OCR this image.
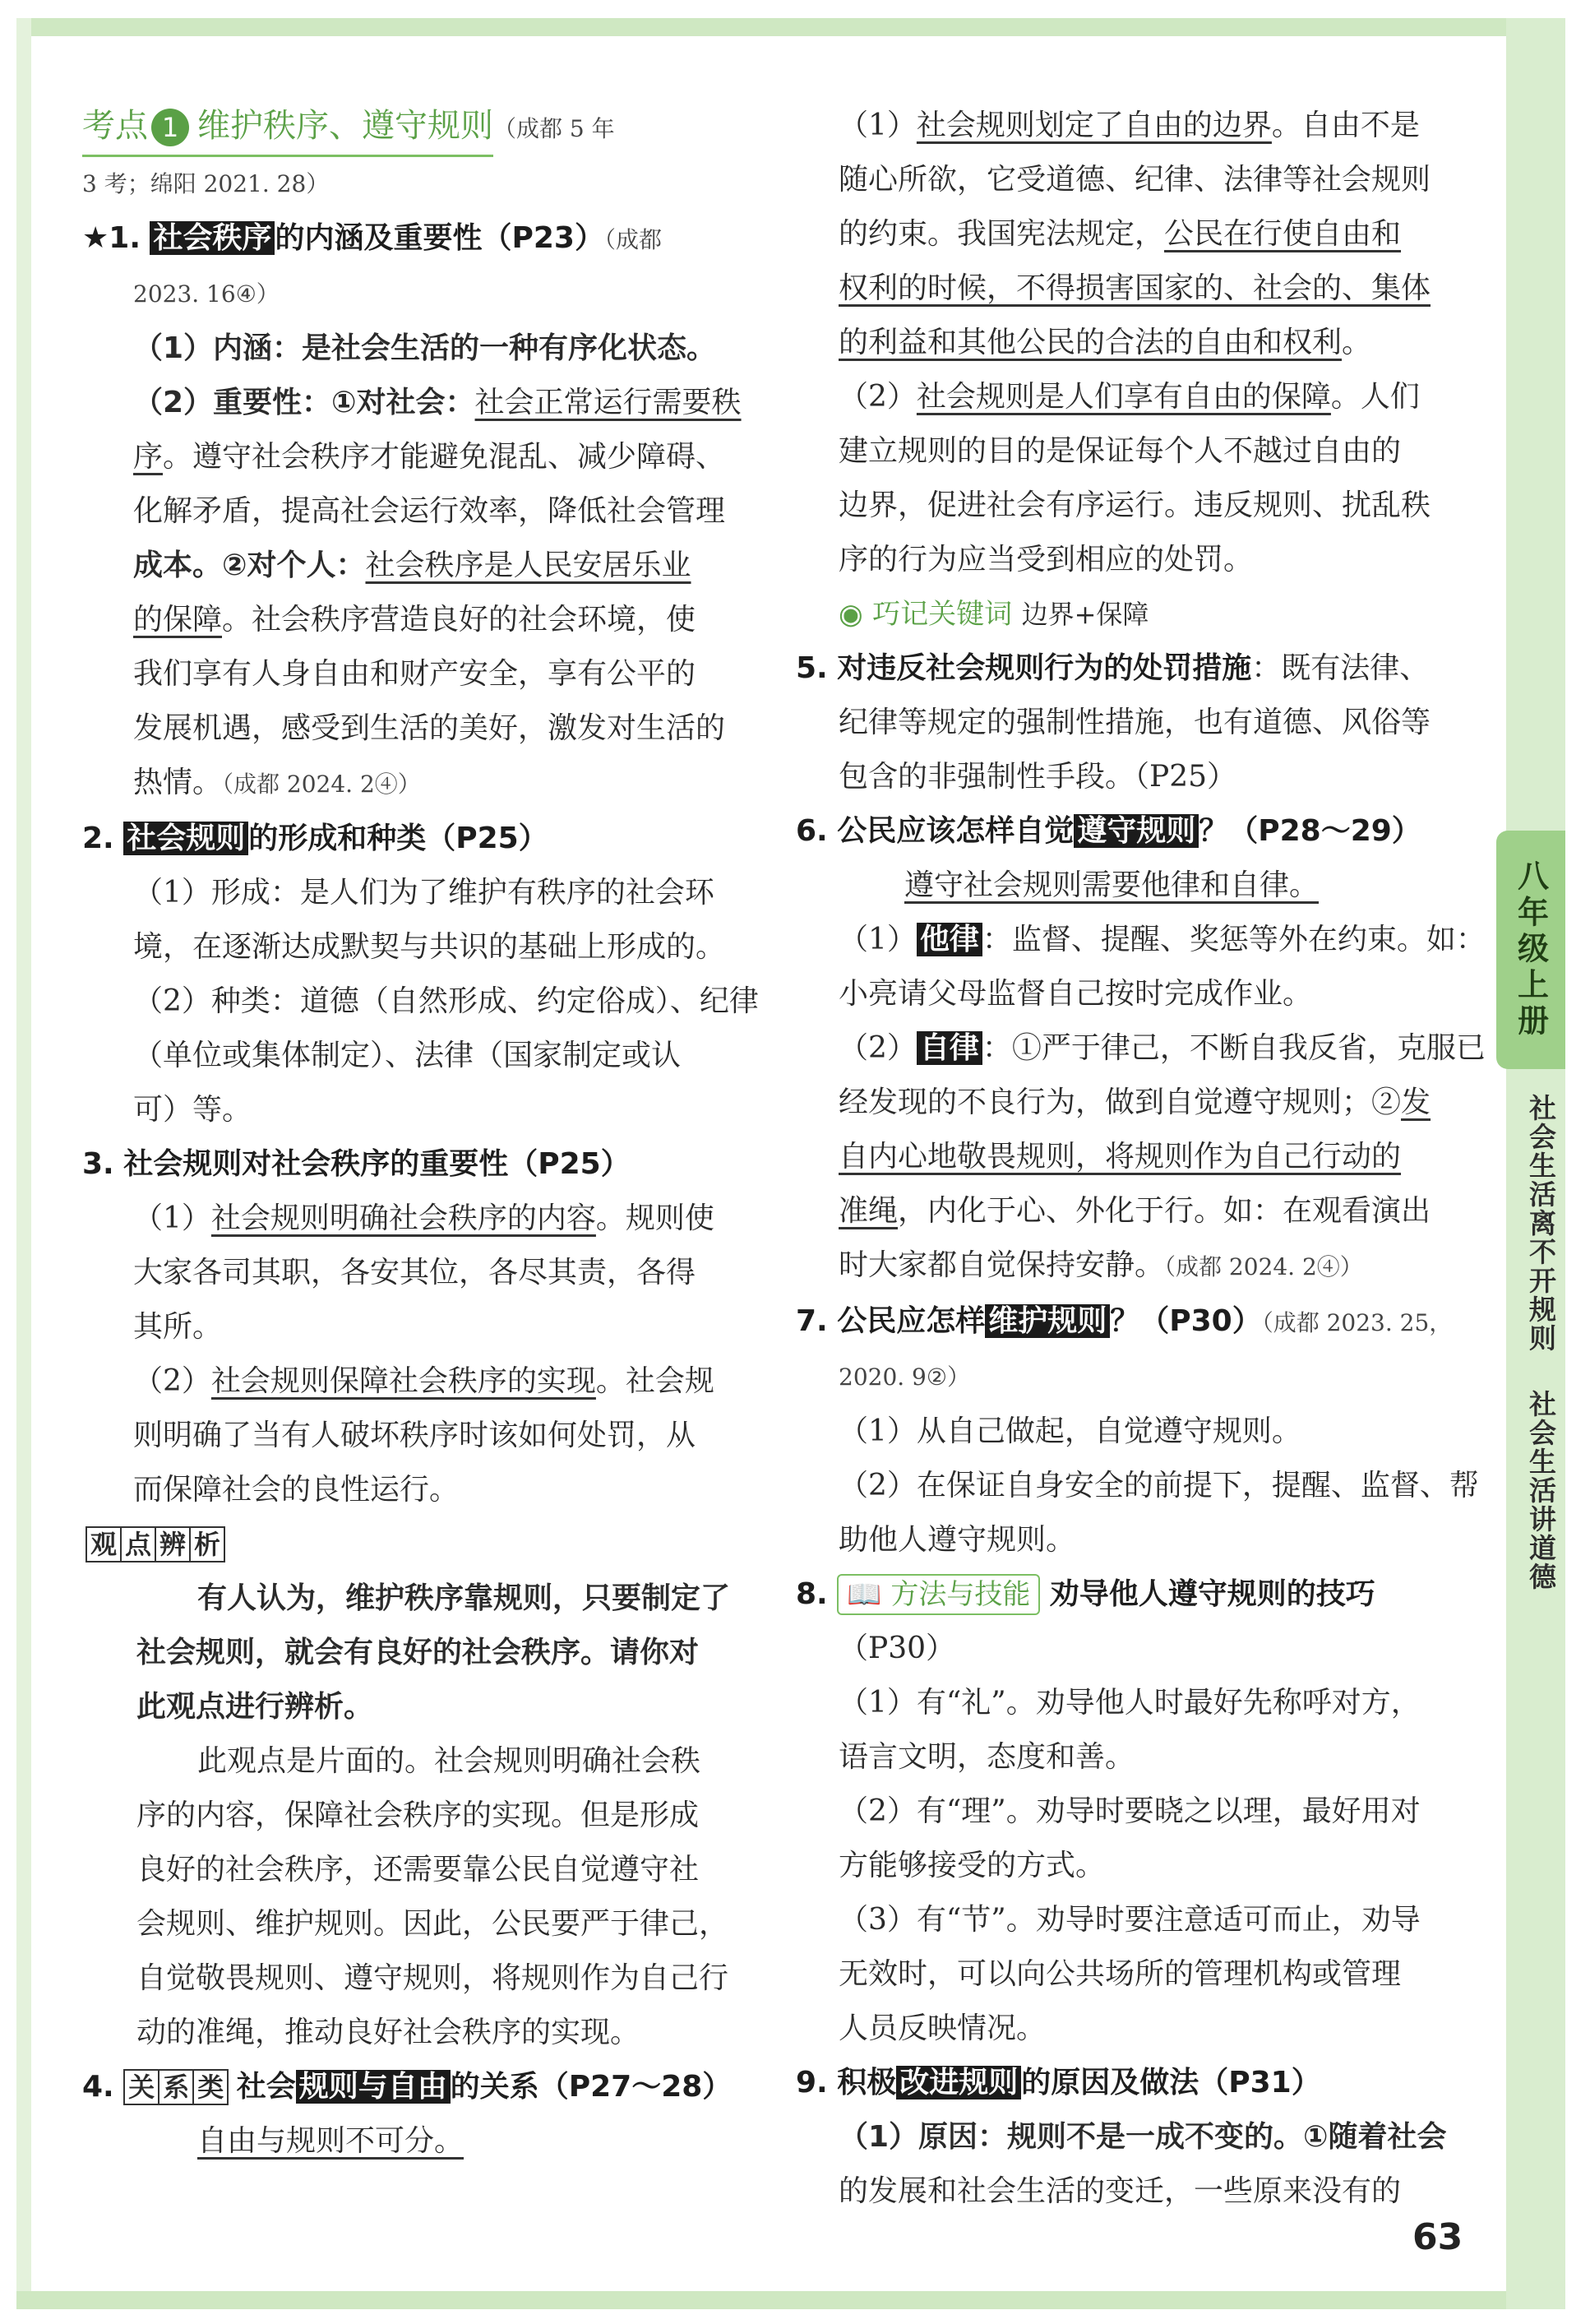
八年级上册
社会生活离不开规则
社会生活讲道德
63

考点 1 维护秩序、遵守规则（成都 5 年

3 考；绵阳 2021. 28）

★1. 社会秩序 的内涵及重要性（P23）（成都

2023. 16④）

（1）内涵：是社会生活的一种有序化状态。

（2）重要性：①对社会：社会正常运行需要秩

序。遵守社会秩序才能避免混乱、减少障碍、

化解矛盾，提高社会运行效率，降低社会管理

成本。②对个人：社会秩序是人民安居乐业

的保障。社会秩序营造良好的社会环境，使

我们享有人身自由和财产安全，享有公平的

发展机遇，感受到生活的美好，激发对生活的

热情。（成都 2024. 2④）

2. 社会规则 的形成和种类（P25）

（1）形成：是人们为了维护有秩序的社会环

境，在逐渐达成默契与共识的基础上形成的。

（2）种类：道德（自然形成、约定俗成）、纪律

（单位或集体制定）、法律（国家制定或认

可）等。

3. 社会规则对社会秩序的重要性（P25）

（1）社会规则明确社会秩序的内容。规则使

大家各司其职，各安其位，各尽其责，各得

其所。

（2）社会规则保障社会秩序的实现。社会规

则明确了当有人破坏秩序时该如何处罚，从

而保障社会的良性运行。

观 点 辨 析

有人认为，维护秩序靠规则，只要制定了

社会规则，就会有良好的社会秩序。请你对

此观点进行辨析。

此观点是片面的。社会规则明确社会秩

序的内容，保障社会秩序的实现。但是形成

良好的社会秩序，还需要靠公民自觉遵守社

会规则、维护规则。因此，公民要严于律己，

自觉敬畏规则、遵守规则，将规则作为自己行

动的准绳，推动良好社会秩序的实现。

4. 关 系 类 社会 规则与自由 的关系（P27～28）

自由与规则不可分。

（1）社会规则划定了自由的边界。自由不是

随心所欲，它受道德、纪律、法律等社会规则

的约束。我国宪法规定，公民在行使自由和

权利的时候，不得损害国家的、社会的、集体

的利益和其他公民的合法的自由和权利。

（2）社会规则是人们享有自由的保障。人们

建立规则的目的是保证每个人不越过自由的

边界，促进社会有序运行。违反规则、扰乱秩

序的行为应当受到相应的处罚。

◉ 巧记关键词 边界+保障

5. 对违反社会规则行为的处罚措施：既有法律、

纪律等规定的强制性措施，也有道德、风俗等

包含的非强制性手段。（P25）

6. 公民应该怎样自觉 遵守规则 ？（P28～29）

遵守社会规则需要他律和自律。

（1） 他律 ：监督、提醒、奖惩等外在约束。如：

小亮请父母监督自己按时完成作业。

（2） 自律 ：①严于律己，不断自我反省，克服已

经发现的不良行为，做到自觉遵守规则；②发

自内心地敬畏规则，将规则作为自己行动的

准绳，内化于心、外化于行。如：在观看演出

时大家都自觉保持安静。（成都 2024. 2④）

7. 公民应怎样 维护规则 ？（P30）（成都 2023. 25，

2020. 9②）

（1）从自己做起，自觉遵守规则。

（2）在保证自身安全的前提下，提醒、监督、帮

助他人遵守规则。

8. 📖 方法与技能 劝导他人遵守规则的技巧

（P30）

（1）有“礼”。劝导他人时最好先称呼对方，

语言文明，态度和善。

（2）有“理”。劝导时要晓之以理，最好用对

方能够接受的方式。

（3）有“节”。劝导时要注意适可而止，劝导

无效时，可以向公共场所的管理机构或管理

人员反映情况。

9. 积极 改进规则 的原因及做法（P31）

（1）原因：规则不是一成不变的。①随着社会

的发展和社会生活的变迁，一些原来没有的
